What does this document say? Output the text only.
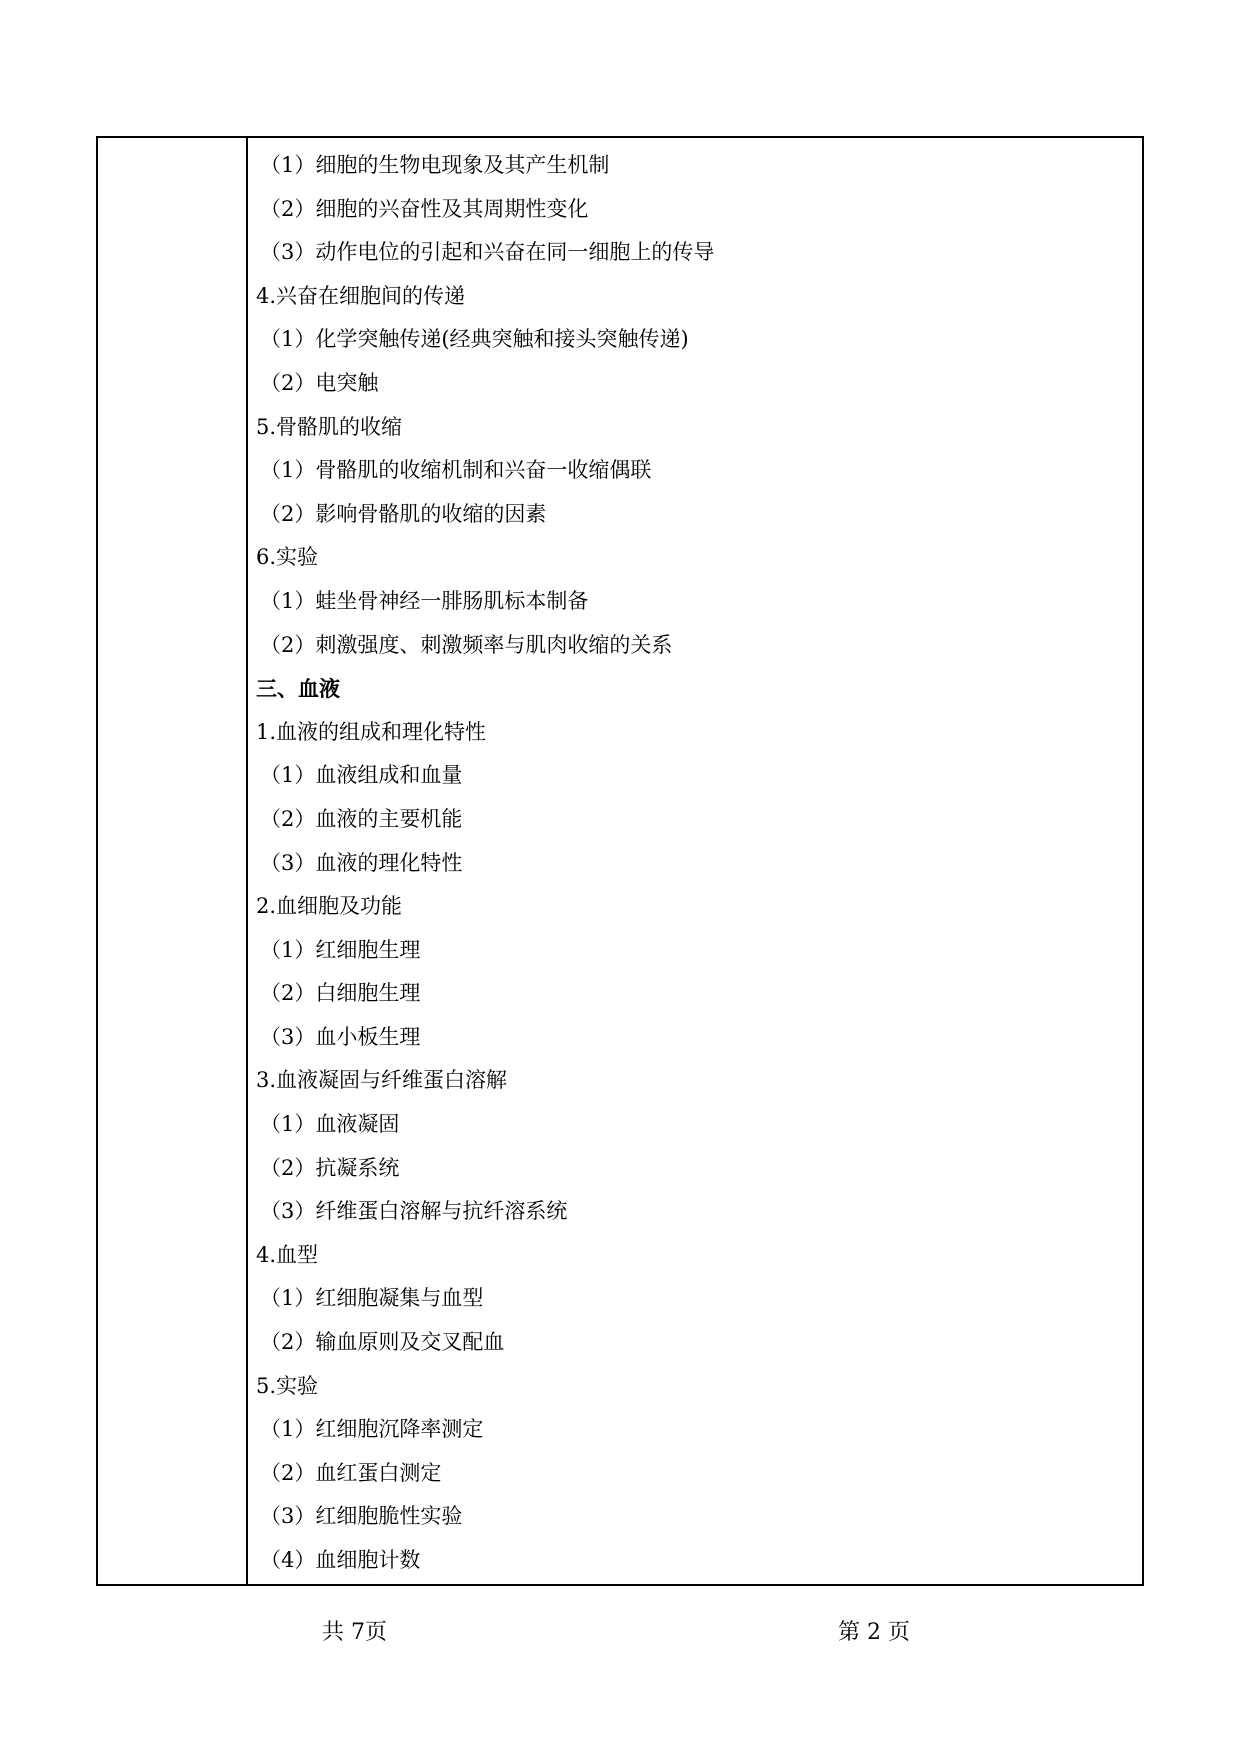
（1）细胞的生物电现象及其产生机制
（2）细胞的兴奋性及其周期性变化
（3）动作电位的引起和兴奋在同一细胞上的传导
4.兴奋在细胞间的传递
（1）化学突触传递(经典突触和接头突触传递)
（2）电突触
5.骨骼肌的收缩
（1）骨骼肌的收缩机制和兴奋一收缩偶联
（2）影响骨骼肌的收缩的因素
6.实验
（1）蛙坐骨神经一腓肠肌标本制备
（2）刺激强度、刺激频率与肌肉收缩的关系
三、血液
1.血液的组成和理化特性
（1）血液组成和血量
（2）血液的主要机能
（3）血液的理化特性
2.血细胞及功能
（1）红细胞生理
（2）白细胞生理
（3）血小板生理
3.血液凝固与纤维蛋白溶解
（1）血液凝固
（2）抗凝系统
（3）纤维蛋白溶解与抗纤溶系统
4.血型
（1）红细胞凝集与血型
（2）输血原则及交叉配血
5.实验
（1）红细胞沉降率测定
（2）血红蛋白测定
（3）红细胞脆性实验
（4）血细胞计数
共 7页	第 2 页
